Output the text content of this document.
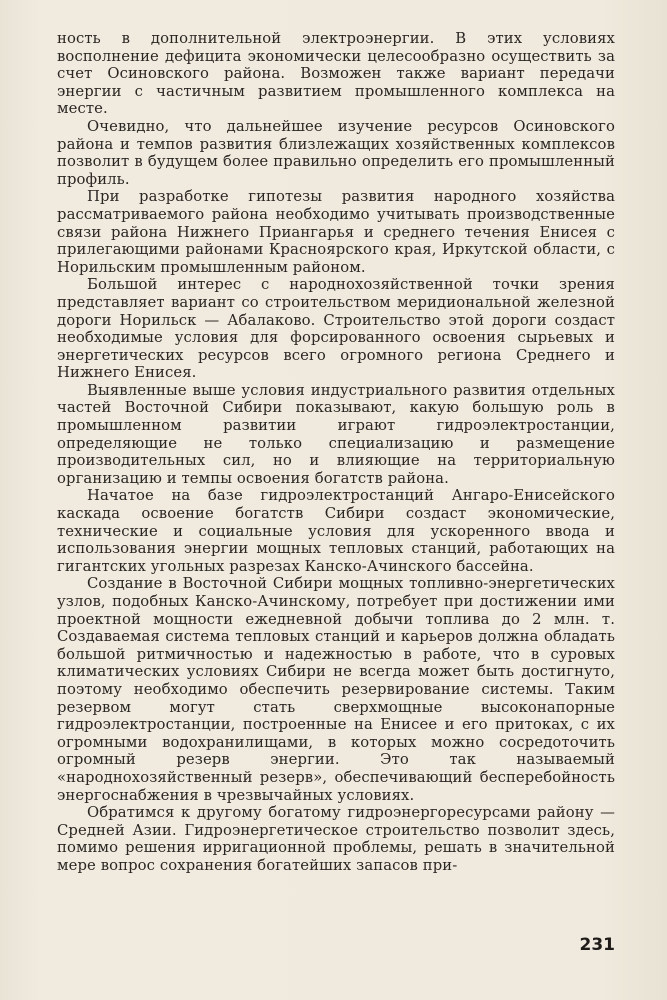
ность в дополнительной электроэнергии. В этих условиях восполнение дефицита экономически целесообразно осуществить за счет Осиновского района. Возможен также вариант передачи энергии с частичным развитием промышленного комплекса на месте.

Очевидно, что дальнейшее изучение ресурсов Осиновского района и темпов развития близлежащих хозяйственных комплексов позволит в будущем более правильно определить его промышленный профиль.

При разработке гипотезы развития народного хозяйства рассматриваемого района необходимо учитывать производственные связи района Нижнего Приангарья и среднего течения Енисея с прилегающими районами Красноярского края, Иркутской области, с Норильским промышленным районом.

Большой интерес с народнохозяйственной точки зрения представляет вариант со строительством меридиональной железной дороги Норильск — Абалаково. Строительство этой дороги создаст необходимые условия для форсированного освоения сырьевых и энергетических ресурсов всего огромного региона Среднего и Нижнего Енисея.

Выявленные выше условия индустриального развития отдельных частей Восточной Сибири показывают, какую большую роль в промышленном развитии играют гидроэлектростанции, определяющие не только специализацию и размещение производительных сил, но и влияющие на территориальную организацию и темпы освоения богатств района.

Начатое на базе гидроэлектростанций Ангаро-Енисейского каскада освоение богатств Сибири создаст экономические, технические и социальные условия для ускоренного ввода и использования энергии мощных тепловых станций, работающих на гигантских угольных разрезах Канско-Ачинского бассейна.

Создание в Восточной Сибири мощных топливно-энергетических узлов, подобных Канско-Ачинскому, потребует при достижении ими проектной мощности ежедневной добычи топлива до 2 млн. т. Создаваемая система тепловых станций и карьеров должна обладать большой ритмичностью и надежностью в работе, что в суровых климатических условиях Сибири не всегда может быть достигнуто, поэтому необходимо обеспечить резервирование системы. Таким резервом могут стать сверхмощные высоконапорные гидроэлектростанции, построенные на Енисее и его притоках, с их огромными водохранилищами, в которых можно сосредоточить огромный резерв энергии. Это так называемый «народнохозяйственный резерв», обеспечивающий бесперебойность энергоснабжения в чрезвычайных условиях.

Обратимся к другому богатому гидроэнергоресурсами району — Средней Азии. Гидроэнергетическое строительство позволит здесь, помимо решения ирригационной проблемы, решать в значительной мере вопрос сохранения богатейших запасов при-

231
